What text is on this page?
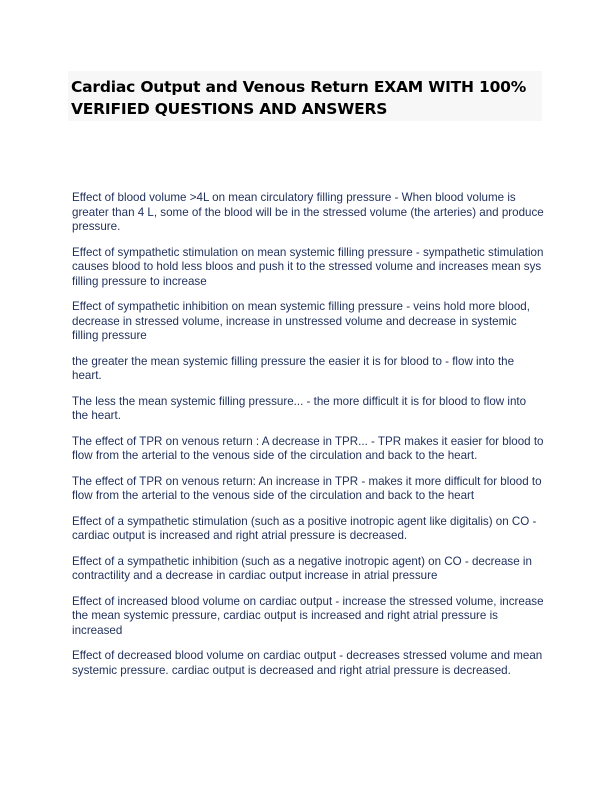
Cardiac Output and Venous Return EXAM WITH 100% VERIFIED QUESTIONS AND ANSWERS

Effect of blood volume >4L on mean circulatory filling pressure - When blood volume is greater than 4 L, some of the blood will be in the stressed volume (the arteries) and produce pressure.

Effect of sympathetic stimulation on mean systemic filling pressure - sympathetic stimulation causes blood to hold less bloos and push it to the stressed volume and increases mean sys filling pressure to increase

Effect of sympathetic inhibition on mean systemic filling pressure - veins hold more blood, decrease in stressed volume, increase in unstressed volume and decrease in systemic filling pressure

the greater the mean systemic filling pressure the easier it is for blood to - flow into the heart.

The less the mean systemic filling pressure... - the more difficult it is for blood to flow into the heart.

The effect of TPR on venous return : A decrease in TPR... - TPR makes it easier for blood to flow from the arterial to the venous side of the circulation and back to the heart.

The effect of TPR on venous return: An increase in TPR - makes it more difficult for blood to flow from the arterial to the venous side of the circulation and back to the heart

Effect of a sympathetic stimulation (such as a positive inotropic agent like digitalis) on CO - cardiac output is increased and right atrial pressure is decreased.

Effect of a sympathetic inhibition (such as a negative inotropic agent) on CO - decrease in contractility and a decrease in cardiac output increase in atrial pressure

Effect of increased blood volume on cardiac output - increase the stressed volume, increase the mean systemic pressure, cardiac output is increased and right atrial pressure is increased

Effect of decreased blood volume on cardiac output - decreases stressed volume and mean systemic pressure. cardiac output is decreased and right atrial pressure is decreased.
